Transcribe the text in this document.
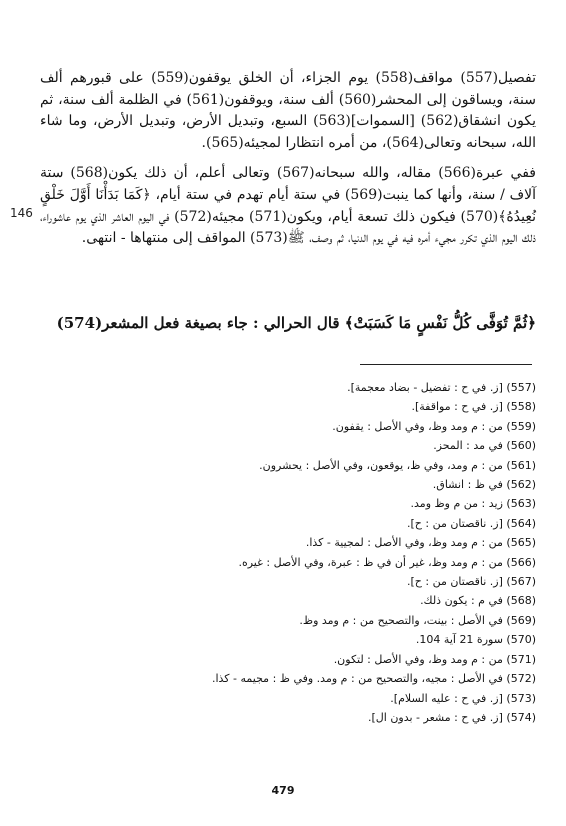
تفصيل(557) مواقف(558) يوم الجزاء، أن الخلق يوقفون(559) على قبورهم ألف سنة، ويساقون إلى المحشر(560) ألف سنة، ويوقفون(561) في الظلمة ألف سنة، ثم يكون انشقاق(562) [السموات](563) السبع، وتبديل الأرض، وتبديل الأرض، وما شاء الله، سبحانه وتعالى(564)، من أمره انتظارا لمجيئه(565).

ففي عبرة(566) مقاله، والله سبحانه(567) وتعالى أعلم، أن ذلك يكون(568) ستة آلاف / سنة، وأنها كما ينبت(569) في ستة أيام تهدم في ستة أيام، ﴿كَمَا بَدَأْنَا أَوَّلَ خَلْقٍ نُعِيدُهُ﴾(570) فيكون ذلك تسعة أيام، ويكون(571) مجيئه(572) في اليوم العاشر الذي يوم عاشوراء، ذلك اليوم الذي تكرر مجيء أمره فيه في يوم الدنيا، ثم وصف، ﷺ(573) المواقف إلى منتهاها - انتهى.

146
﴿ثُمَّ تُوَفَّى كُلُّ نَفْسٍ مَا كَسَبَتْ﴾ قال الحرالي : جاء بصيغة فعل المشعر(574)
(557) [ز. في ح : تفضيل - بضاد معجمة].
(558) [ز. في ح : مواقفة].
(559) من : م ومد وظ، وفي الأصل : يقفون.
(560) في مد : المحز.
(561) من : م ومد، وفي ظ، يوقعون، وفي الأصل : يحشرون.
(562) في ظ : انشاق.
(563) زيد : من م وظ ومد.
(564) [ز. ناقصتان من : ح].
(565) من : م ومد وظ، وفي الأصل : لمجيية - كذا.
(566) من : م ومد وظ، غير أن في ظ : عبرة، وفي الأصل : غيره.
(567) [ز. ناقصتان من : ح].
(568) في م : يكون ذلك.
(569) في الأصل : بينت، والتصحيح من : م ومد وظ.
(570) سورة 21 آية 104.
(571) من : م ومد وظ، وفي الأصل : لتكون.
(572) في الأصل : مجيه، والتصحيح من : م ومد. وفي ظ : مجيمه - كذا.
(573) [ز. في ح : عليه السلام].
(574) [ز. في ح : مشعر - بدون ال].
479
